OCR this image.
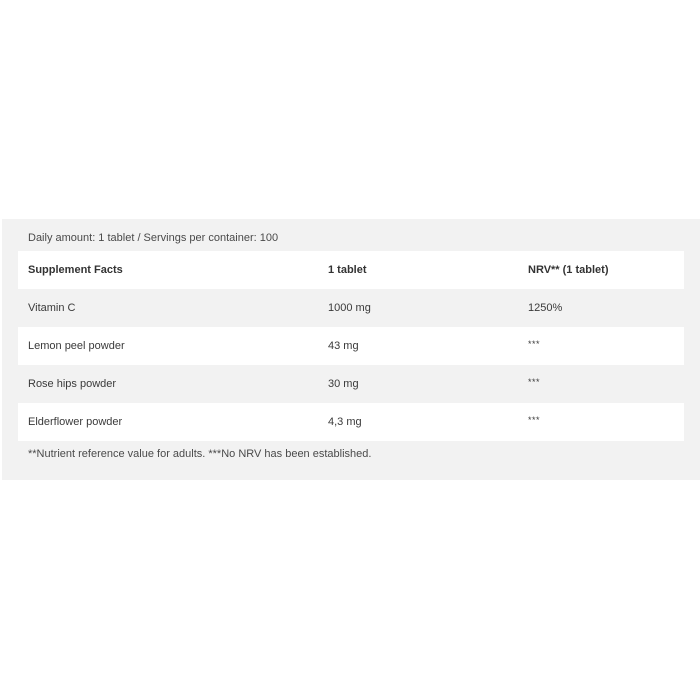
Daily amount: 1 tablet / Servings per container: 100
Supplement Facts	1 tablet	NRV** (1 tablet)
Vitamin C	1000 mg	1250%
Lemon peel powder	43 mg	***
Rose hips powder	30 mg	***
Elderflower powder	4,3 mg	***
**Nutrient reference value for adults. ***No NRV has been established.
